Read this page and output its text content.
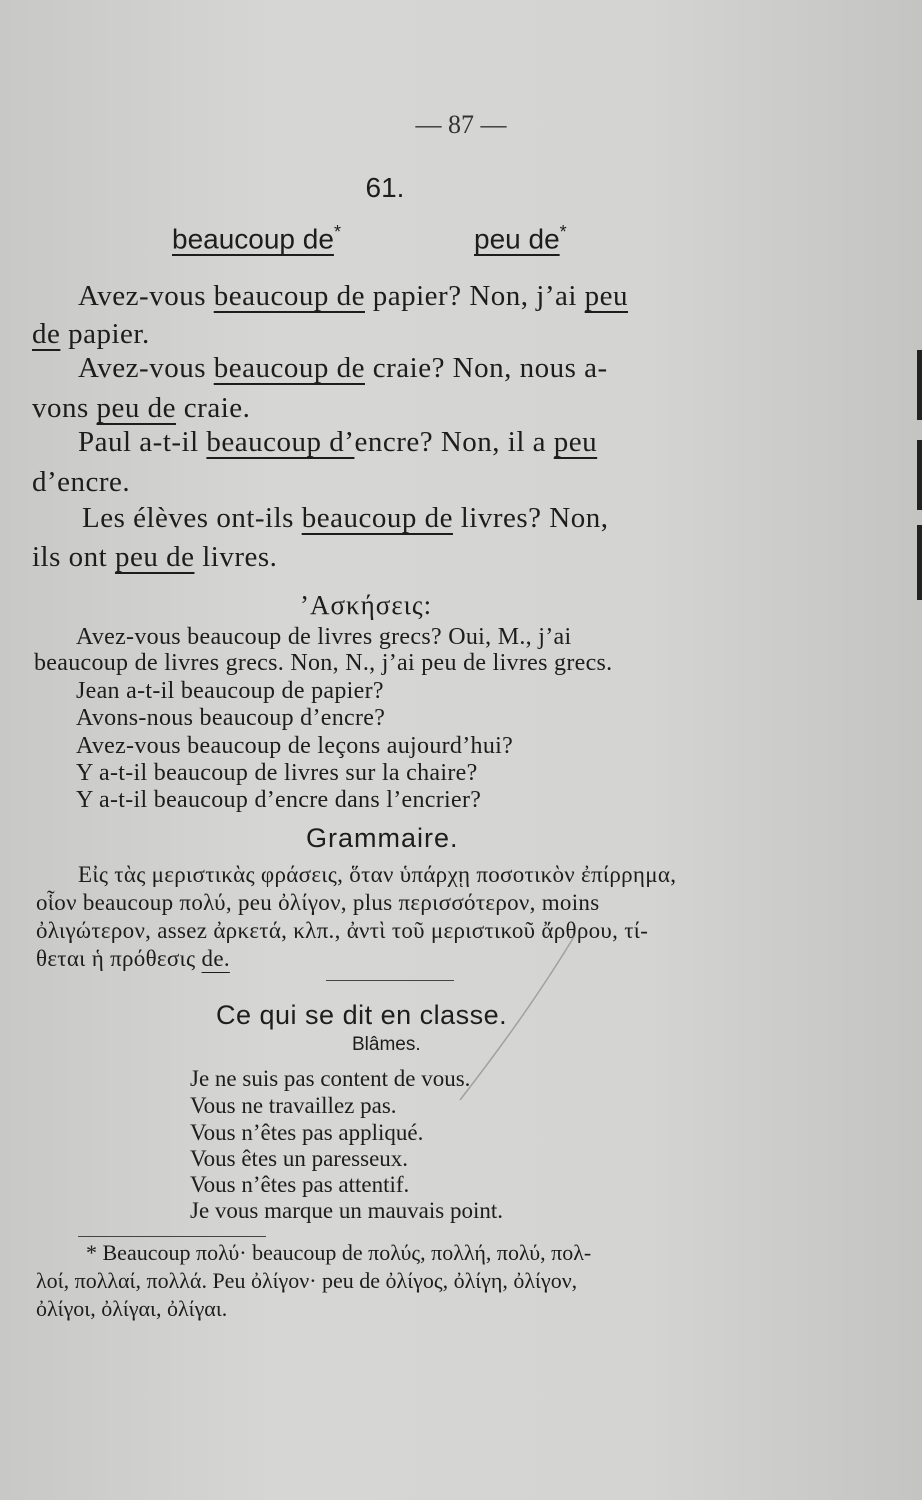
— 87 —
61.
beaucoup de*	peu de*
Avez-vous beaucoup de papier? Non, j’ai peu
de papier.
Avez-vous beaucoup de craie? Non, nous a-
vons peu de craie.
Paul a-t-il beaucoup d’encre? Non, il a peu
d’encre.
Les élèves ont-ils beaucoup de livres? Non,
ils ont peu de livres.
’Ασκήσεις:
Avez-vous beaucoup de livres grecs? Oui, M., j’ai
beaucoup de livres grecs. Non, N., j’ai peu de livres grecs.
Jean a-t-il beaucoup de papier?
Avons-nous beaucoup d’encre?
Avez-vous beaucoup de leçons aujourd’hui?
Y a-t-il beaucoup de livres sur la chaire?
Y a-t-il beaucoup d’encre dans l’encrier?
Grammaire.
Εἰς τὰς μεριστικὰς φράσεις, ὅταν ὑπάρχῃ ποσοτικὸν ἐπίρρημα,
οἷον beaucoup πολύ, peu ὀλίγον, plus περισσότερον, moins
ὀλιγώτερον, assez ἀρκετά, κλπ., ἀντὶ τοῦ μεριστικοῦ ἄρθρου, τί-
θεται ἡ πρόθεσις de.
Ce qui se dit en classe.
Blâmes.
Je ne suis pas content de vous.
Vous ne travaillez pas.
Vous n’êtes pas appliqué.
Vous êtes un paresseux.
Vous n’êtes pas attentif.
Je vous marque un mauvais point.
* Beaucoup πολύ· beaucoup de πολύς, πολλή, πολύ, πολ-
λοί, πολλαί, πολλά. Peu ὀλίγον· peu de ὀλίγος, ὀλίγη, ὀλίγον,
ὀλίγοι, ὀλίγαι, ὀλίγαι.
